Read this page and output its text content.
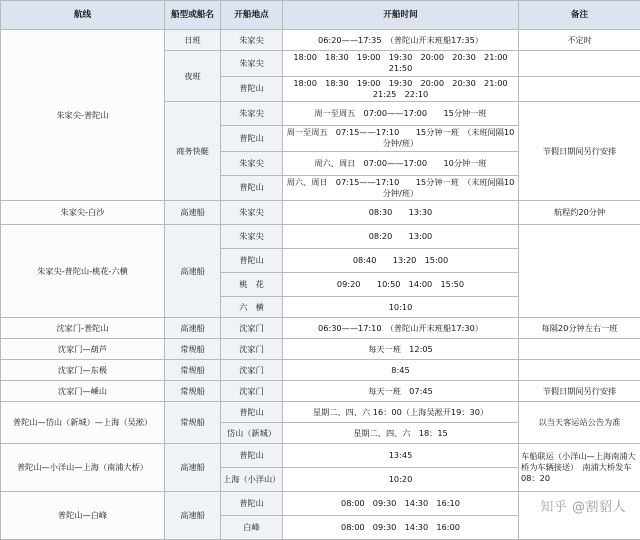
航线	船型或船名	开船地点	开船时间	备注
朱家尖-普陀山	日班	朱家尖	06:20——17:35　（普陀山开末班船17:35）	不定时
	夜班	朱家尖	18:00　18:30　19:00　19:30　20:00　20:30　21:00　21:50	
		普陀山	18:00　18:30　19:00　19:30　20:00　20:30　21:00　21:25　22:10	
	商务快艇	朱家尖	周一至周五　07:00——17:00　　15分钟一班	节假日期间另行安排
		普陀山	周一至周五　07:15——17:10　　15分钟一班　（末班间隔10分钟/班）	
		朱家尖	周六、周日　07:00——17:00　　10分钟一班	
		普陀山	周六、周日　07:15——17:10　　15分钟一班　（末班间隔10分钟/班）	
朱家尖-白沙	高速船	朱家尖	08:30　　13:30	航程约20分钟
朱家尖-普陀山-桃花-六横	高速船	朱家尖	08:20　　13:00	
		普陀山	08:40　　13:20　15:00	
		桃　花	09:20　　10:50　14:00　15:50	
		六　横	10:10	
沈家门-普陀山	高速船	沈家门	06:30——17:10　（普陀山开末班船17:30）	每隔20分钟左右一班
沈家门—葫芦	常规船	沈家门	每天一班　12:05	
沈家门—东极	常规船	沈家门	8:45	
沈家门—嵊山	常规船	沈家门	每天一班　07:45	节假日期间另行安排
普陀山—岱山（新城）—上海（吴淞）	常规船	普陀山	星期二、四、六 16：00（上海吴淞开19：30）	以当天客运站公告为准
		岱山（新城）	星期二、四、六　18：15	
普陀山—小洋山—上海（南浦大桥）	高速船	普陀山	13:45	车船联运（小洋山—上海南浦大桥为车辆接送）　南浦大桥发车08：20
		上海（小洋山）	10:20	
普陀山—白峰	高速船	普陀山	08:00　09:30　14:30　16:10	
		白峰	08:00　09:30　14:30　16:00	
知乎 @割貂人
